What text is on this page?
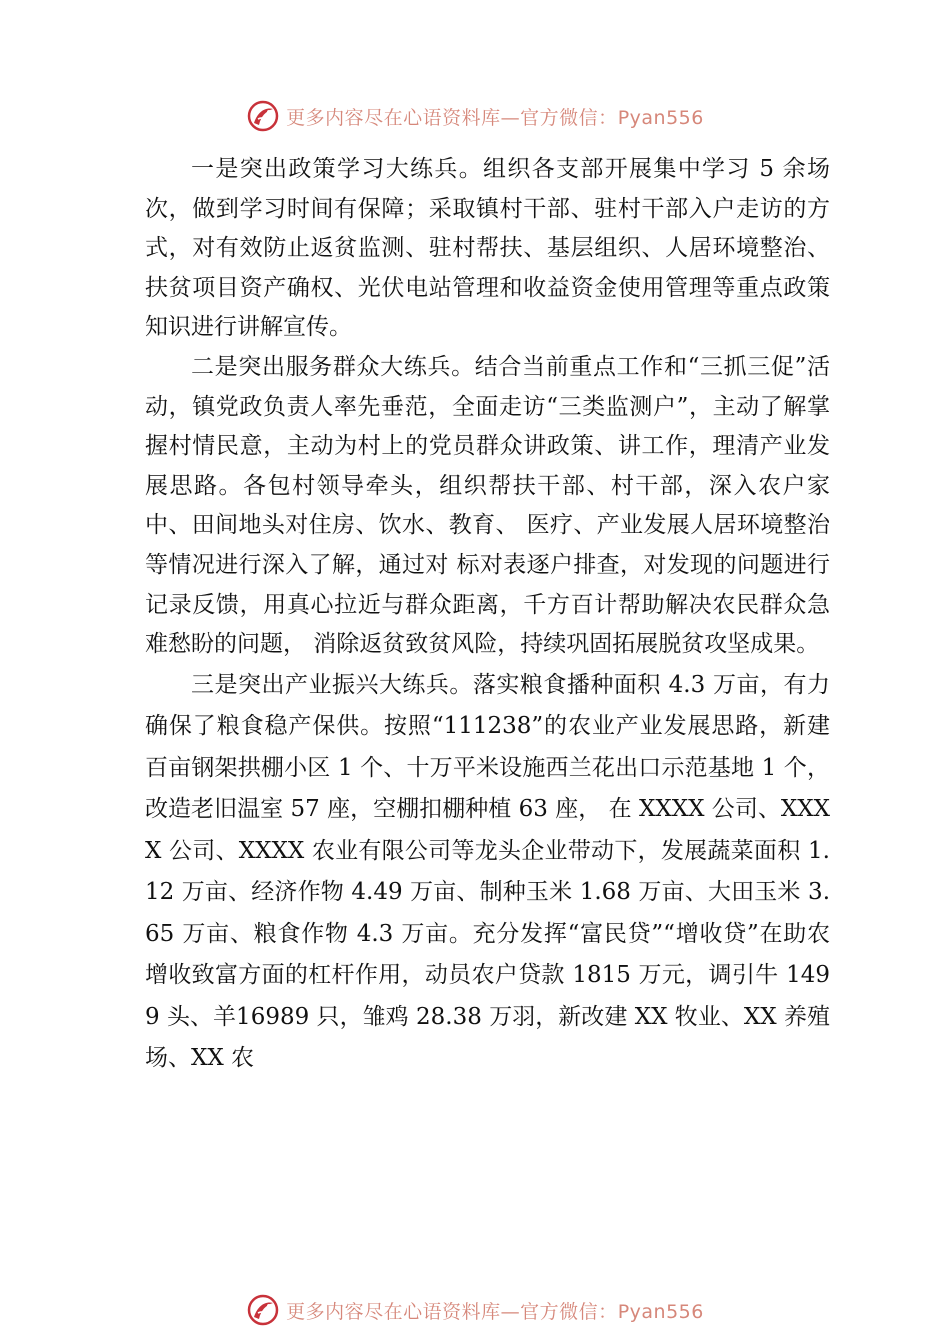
更多内容尽在心语资料库—官方微信：Pyan556

一是突出政策学习大练兵。组织各支部开展集中学习 5 余场次，做到学习时间有保障；采取镇村干部、驻村干部入户走访的方式，对有效防止返贫监测、驻村帮扶、基层组织、人居环境整治、扶贫项目资产确权、光伏电站管理和收益资金使用管理等重点政策知识进行讲解宣传。

二是突出服务群众大练兵。结合当前重点工作和“三抓三促”活动，镇党政负责人率先垂范，全面走访“三类监测户”，主动了解掌握村情民意，主动为村上的党员群众讲政策、讲工作，理清产业发展思路。各包村领导牵头，组织帮扶干部、村干部，深入农户家中、田间地头对住房、饮水、教育、 医疗、产业发展人居环境整治等情况进行深入了解，通过对 标对表逐户排查，对发现的问题进行记录反馈，用真心拉近与群众距离，千方百计帮助解决农民群众急难愁盼的问题， 消除返贫致贫风险，持续巩固拓展脱贫攻坚成果。

三是突出产业振兴大练兵。落实粮食播种面积 4.3 万亩，有力确保了粮食稳产保供。按照“111238”的农业产业发展思路，新建百亩钢架拱棚小区 1 个、十万平米设施西兰花出口示范基地 1 个，改造老旧温室 57 座，空棚扣棚种植 63 座， 在 XXXX 公司、XXXX 公司、XXXX 农业有限公司等龙头企业带动下，发展蔬菜面积 1.12 万亩、经济作物 4.49 万亩、制种玉米 1.68 万亩、大田玉米 3.65 万亩、粮食作物 4.3 万亩。充分发挥“富民贷”“增收贷”在助农增收致富方面的杠杆作用，动员农户贷款 1815 万元，调引牛 1499 头、羊16989 只，雏鸡 28.38 万羽，新改建 XX 牧业、XX 养殖场、XX 农

更多内容尽在心语资料库—官方微信：Pyan556
